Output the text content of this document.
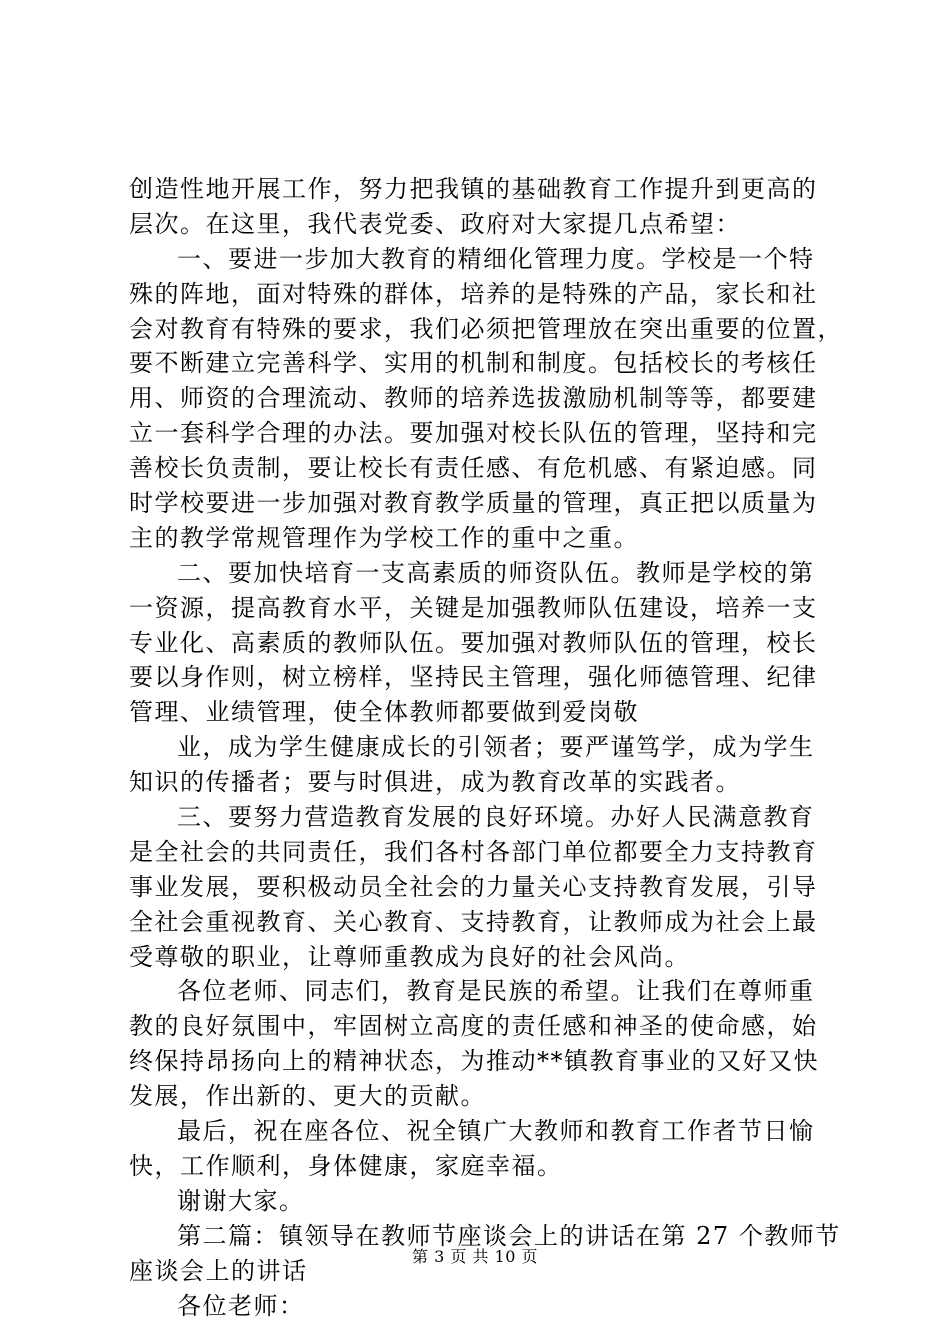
创造性地开展工作，努力把我镇的基础教育工作提升到更高的
层次。在这里，我代表党委、政府对大家提几点希望：
一、要进一步加大教育的精细化管理力度。学校是一个特
殊的阵地，面对特殊的群体，培养的是特殊的产品，家长和社
会对教育有特殊的要求，我们必须把管理放在突出重要的位置，
要不断建立完善科学、实用的机制和制度。包括校长的考核任
用、师资的合理流动、教师的培养选拔激励机制等等，都要建
立一套科学合理的办法。要加强对校长队伍的管理，坚持和完
善校长负责制，要让校长有责任感、有危机感、有紧迫感。同
时学校要进一步加强对教育教学质量的管理，真正把以质量为
主的教学常规管理作为学校工作的重中之重。
二、要加快培育一支高素质的师资队伍。教师是学校的第
一资源，提高教育水平，关键是加强教师队伍建设，培养一支
专业化、高素质的教师队伍。要加强对教师队伍的管理，校长
要以身作则，树立榜样，坚持民主管理，强化师德管理、纪律
管理、业绩管理，使全体教师都要做到爱岗敬
业，成为学生健康成长的引领者；要严谨笃学，成为学生
知识的传播者；要与时俱进，成为教育改革的实践者。
三、要努力营造教育发展的良好环境。办好人民满意教育
是全社会的共同责任，我们各村各部门单位都要全力支持教育
事业发展，要积极动员全社会的力量关心支持教育发展，引导
全社会重视教育、关心教育、支持教育，让教师成为社会上最
受尊敬的职业，让尊师重教成为良好的社会风尚。
各位老师、同志们，教育是民族的希望。让我们在尊师重
教的良好氛围中，牢固树立高度的责任感和神圣的使命感，始
终保持昂扬向上的精神状态，为推动**镇教育事业的又好又快
发展，作出新的、更大的贡献。
最后，祝在座各位、祝全镇广大教师和教育工作者节日愉
快，工作顺利，身体健康，家庭幸福。
谢谢大家。
第二篇：镇领导在教师节座谈会上的讲话在第 27 个教师节
座谈会上的讲话
各位老师：
第 3 页 共 10 页
